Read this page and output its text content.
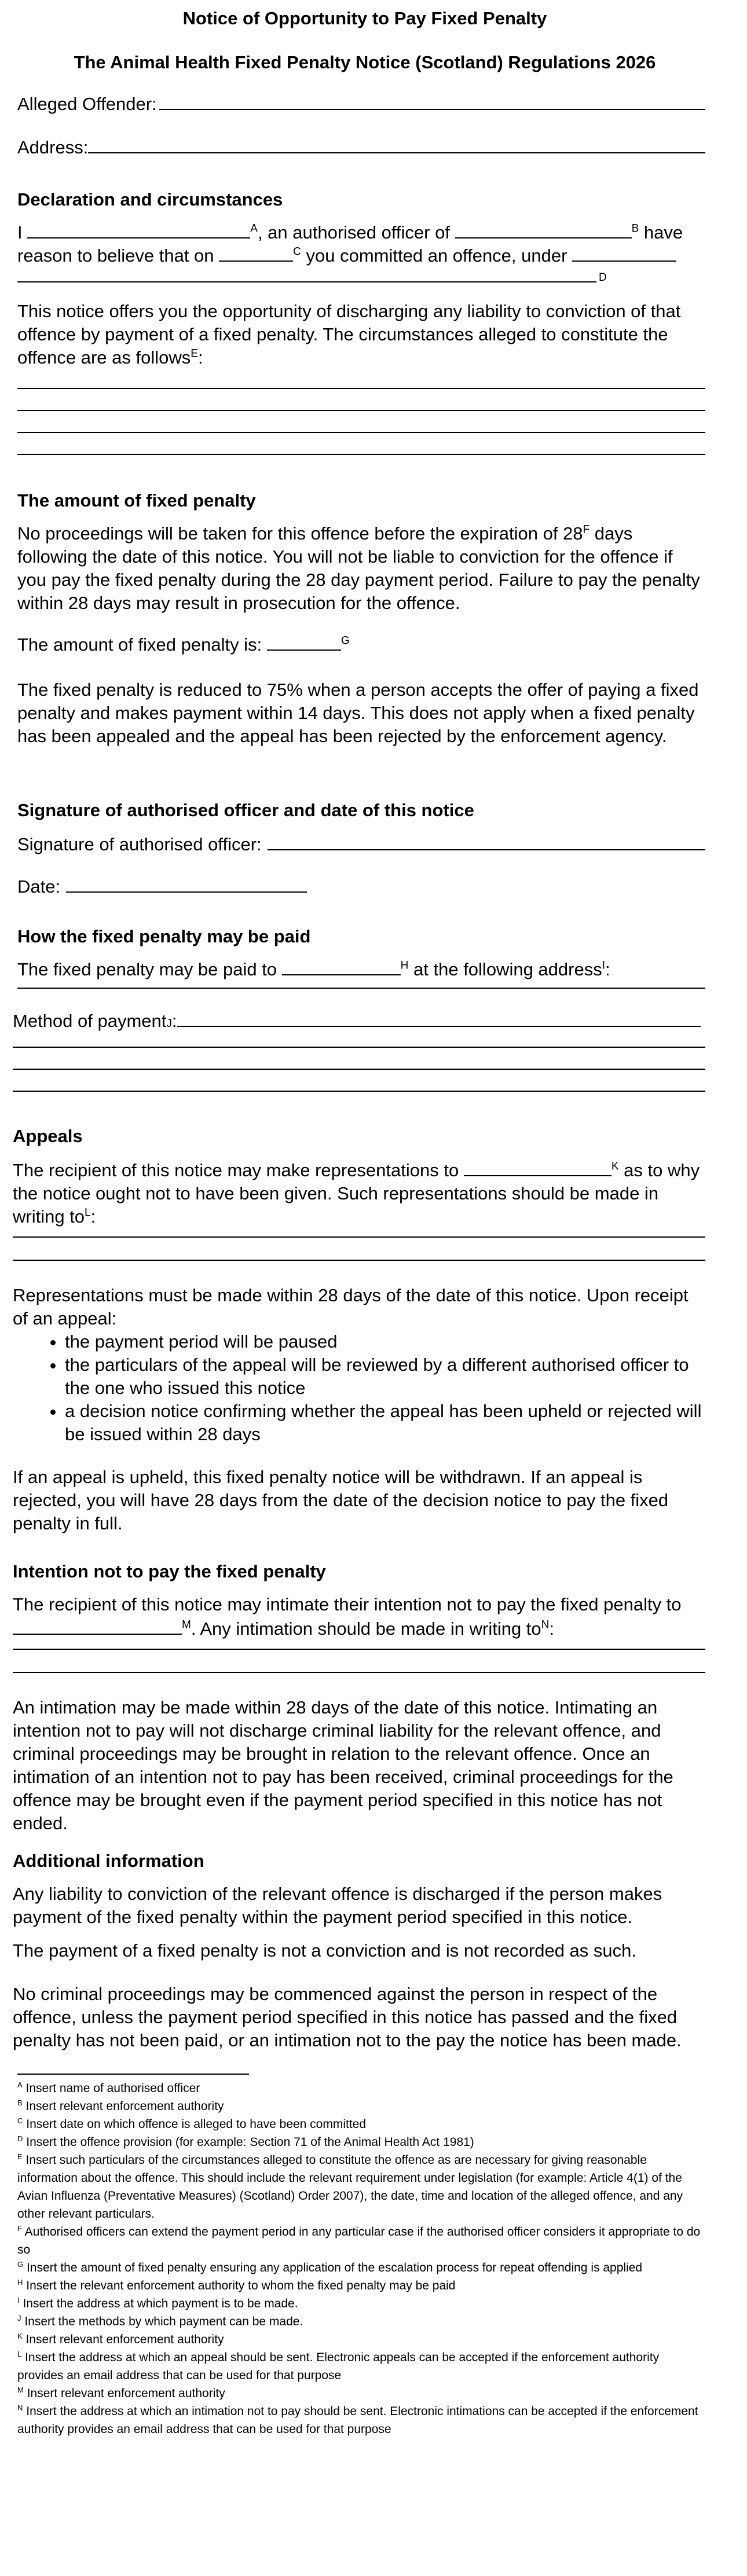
Notice of Opportunity to Pay Fixed Penalty
The Animal Health Fixed Penalty Notice (Scotland) Regulations 2026
Alleged Offender:
Address:
Declaration and circumstances
I	$^A$, an authorised officer of	$^B$ have
reason to believe that on	$^C$ you committed an offence, under
D
This notice offers you the opportunity of discharging any liability to conviction of that offence by payment of a fixed penalty. The circumstances alleged to constitute the offence are as follows$^E$:
The amount of fixed penalty
No proceedings will be taken for this offence before the expiration of $28^F$ days following the date of this notice. You will not be liable to conviction for the offence if you pay the fixed penalty during the 28 day payment period. Failure to pay the penalty within 28 days may result in prosecution for the offence.
The amount of fixed penalty is:	$^G$
The fixed penalty is reduced to 75% when a person accepts the offer of paying a fixed penalty and makes payment within 14 days. This does not apply when a fixed penalty has been appealed and the appeal has been rejected by the enforcement agency.
Signature of authorised officer and date of this notice
Signature of authorised officer:
Date:
How the fixed penalty may be paid
The fixed penalty may be paid to	$^H$ at the following address$^I$:
Method of payment J :
Appeals
The recipient of this notice may make representations to	$^K$ as to why the notice ought not to have been given. Such representations should be made in writing $to^L$:
Representations must be made within 28 days of the date of this notice. Upon receipt of an appeal:
• the payment period will be paused
• the particulars of the appeal will be reviewed by a different authorised officer to the one who issued this notice
• a decision notice confirming whether the appeal has been upheld or rejected will be issued within 28 days
If an appeal is upheld, this fixed penalty notice will be withdrawn. If an appeal is rejected, you will have 28 days from the date of the decision notice to pay the fixed penalty in full.
Intention not to pay the fixed penalty
The recipient of this notice may intimate their intention not to pay the fixed penalty to $^M$. Any intimation should be made in writing $to^N$:
An intimation may be made within 28 days of the date of this notice. Intimating an intention not to pay will not discharge criminal liability for the relevant offence, and criminal proceedings may be brought in relation to the relevant offence. Once an intimation of an intention not to pay has been received, criminal proceedings for the offence may be brought even if the payment period specified in this notice has not ended.
Additional information
Any liability to conviction of the relevant offence is discharged if the person makes payment of the fixed penalty within the payment period specified in this notice.
The payment of a fixed penalty is not a conviction and is not recorded as such.
No criminal proceedings may be commenced against the person in respect of the offence, unless the payment period specified in this notice has passed and the fixed penalty has not been paid, or an intimation not to the pay the notice has been made.
$^A$ Insert name of authorised officer
$^B$ Insert relevant enforcement authority
$^C$ Insert date on which offence is alleged to have been committed
$^D$ Insert the offence provision (for example: Section 71 of the Animal Health Act 1981)
$^E$ Insert such particulars of the circumstances alleged to constitute the offence as are necessary for giving reasonable information about the offence. This should include the relevant requirement under legislation (for example: Article 4(1) of the Avian Influenza (Preventative Measures) (Scotland) Order 2007), the date, time and location of the alleged offence, and any other relevant particulars.
$^F$ Authorised officers can extend the payment period in any particular case if the authorised officer considers it appropriate to do so
$^G$ Insert the amount of fixed penalty ensuring any application of the escalation process for repeat offending is applied
$^H$ Insert the relevant enforcement authority to whom the fixed penalty may be paid
$^I$ Insert the address at which payment is to be made.
$^J$ Insert the methods by which payment can be made.
$^K$ Insert relevant enforcement authority
$^L$ Insert the address at which an appeal should be sent. Electronic appeals can be accepted if the enforcement authority provides an email address that can be used for that purpose
$^M$ Insert relevant enforcement authority
$^N$ Insert the address at which an intimation not to pay should be sent. Electronic intimations can be accepted if the enforcement authority provides an email address that can be used for that purpose
